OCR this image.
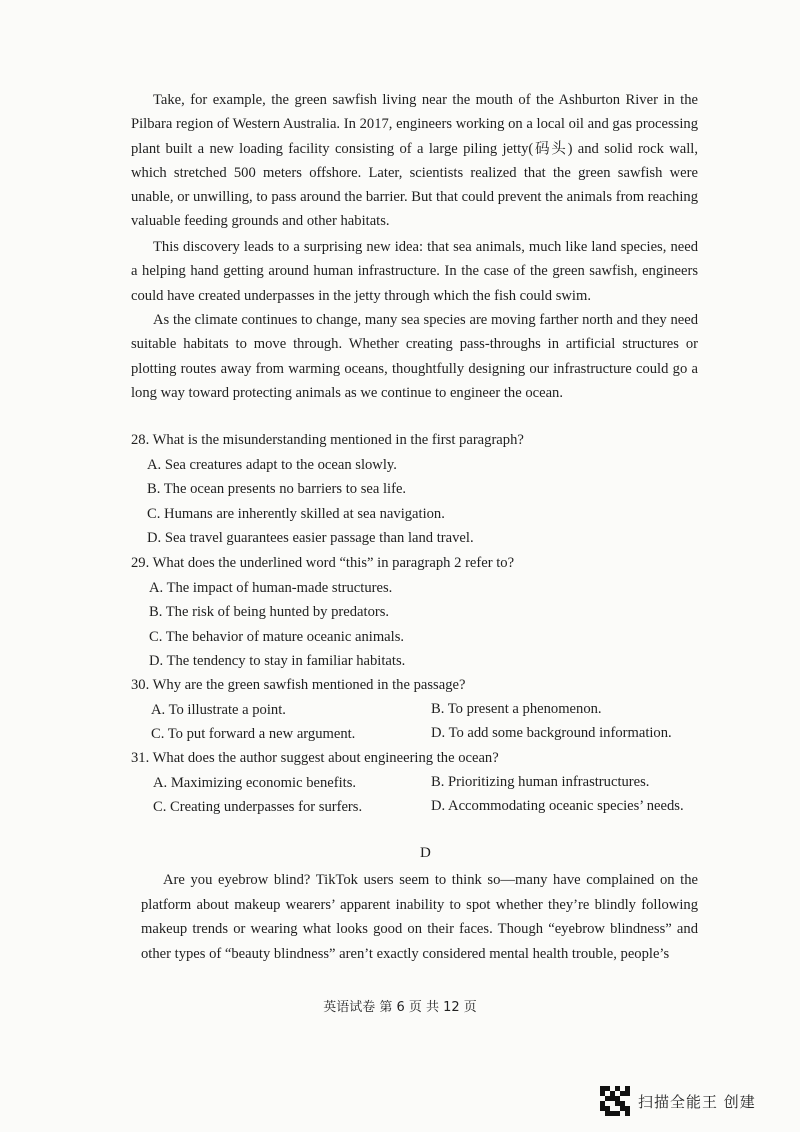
Take, for example, the green sawfish living near the mouth of the Ashburton River in the Pilbara region of Western Australia. In 2017, engineers working on a local oil and gas processing plant built a new loading facility consisting of a large piling jetty(码头) and solid rock wall, which stretched 500 meters offshore. Later, scientists realized that the green sawfish were unable, or unwilling, to pass around the barrier. But that could prevent the animals from reaching valuable feeding grounds and other habitats.

This discovery leads to a surprising new idea: that sea animals, much like land species, need a helping hand getting around human infrastructure. In the case of the green sawfish, engineers could have created underpasses in the jetty through which the fish could swim.

As the climate continues to change, many sea species are moving farther north and they need suitable habitats to move through. Whether creating pass-throughs in artificial structures or plotting routes away from warming oceans, thoughtfully designing our infrastructure could go a long way toward protecting animals as we continue to engineer the ocean.

28. What is the misunderstanding mentioned in the first paragraph?
A. Sea creatures adapt to the ocean slowly.
B. The ocean presents no barriers to sea life.
C. Humans are inherently skilled at sea navigation.
D. Sea travel guarantees easier passage than land travel.
29. What does the underlined word “this” in paragraph 2 refer to?
A. The impact of human-made structures.
B. The risk of being hunted by predators.
C. The behavior of mature oceanic animals.
D. The tendency to stay in familiar habitats.
30. Why are the green sawfish mentioned in the passage?
A. To illustrate a point.	B. To present a phenomenon.
C. To put forward a new argument.	D. To add some background information.
31. What does the author suggest about engineering the ocean?
A. Maximizing economic benefits.	B. Prioritizing human infrastructures.
C. Creating underpasses for surfers.	D. Accommodating oceanic species’ needs.
D

Are you eyebrow blind? TikTok users seem to think so—many have complained on the platform about makeup wearers’ apparent inability to spot whether they’re blindly following makeup trends or wearing what looks good on their faces. Though “eyebrow blindness” and other types of “beauty blindness” aren’t exactly considered mental health trouble, people’s

英语试卷 第 6 页 共 12 页
扫描全能王 创建
